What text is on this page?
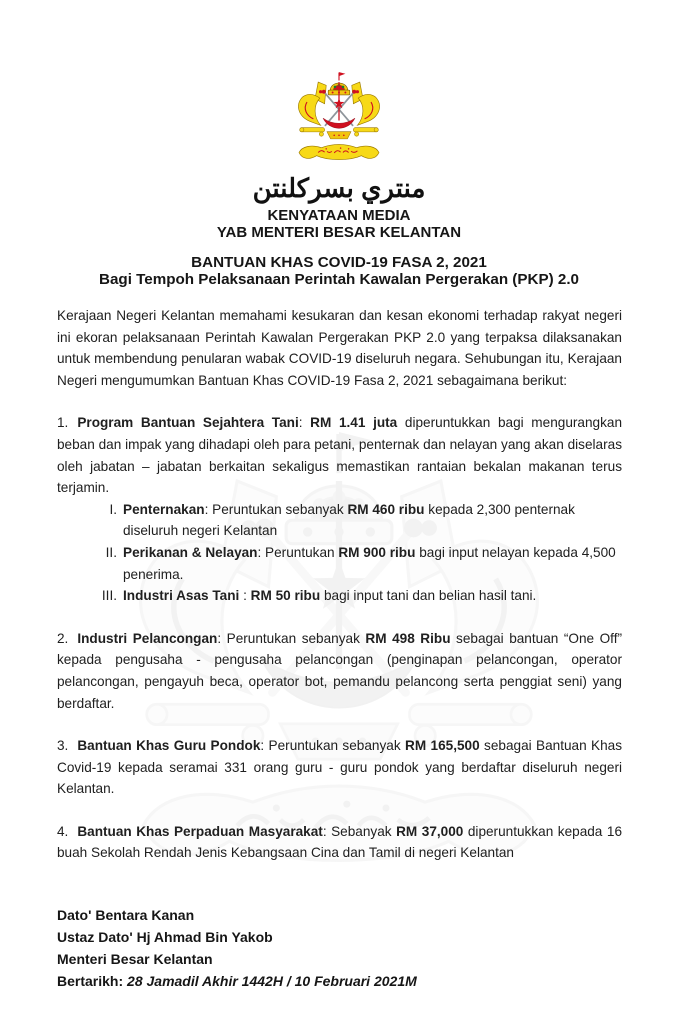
منتري بسركلنتن
KENYATAAN MEDIA
YAB MENTERI BESAR KELANTAN
BANTUAN KHAS COVID-19 FASA 2, 2021
Bagi Tempoh Pelaksanaan Perintah Kawalan Pergerakan (PKP) 2.0

Kerajaan Negeri Kelantan memahami kesukaran dan kesan ekonomi terhadap rakyat negeri ini ekoran pelaksanaan Perintah Kawalan Pergerakan PKP 2.0 yang terpaksa dilaksanakan untuk membendung penularan wabak COVID-19 diseluruh negara. Sehubungan itu, Kerajaan Negeri mengumumkan Bantuan Khas COVID-19 Fasa 2, 2021 sebagaimana berikut:

1. Program Bantuan Sejahtera Tani: RM 1.41 juta diperuntukkan bagi mengurangkan beban dan impak yang dihadapi oleh para petani, penternak dan nelayan yang akan diselaras oleh jabatan – jabatan berkaitan sekaligus memastikan rantaian bekalan makanan terus terjamin.

I. Penternakan: Peruntukan sebanyak RM 460 ribu kepada 2,300 penternak diseluruh negeri Kelantan
II. Perikanan & Nelayan: Peruntukan RM 900 ribu bagi input nelayan kepada 4,500 penerima.
III. Industri Asas Tani : RM 50 ribu bagi input tani dan belian hasil tani.

2. Industri Pelancongan: Peruntukan sebanyak RM 498 Ribu sebagai bantuan “One Off” kepada pengusaha - pengusaha pelancongan (penginapan pelancongan, operator pelancongan, pengayuh beca, operator bot, pemandu pelancong serta penggiat seni) yang berdaftar.

3. Bantuan Khas Guru Pondok: Peruntukan sebanyak RM 165,500 sebagai Bantuan Khas Covid-19 kepada seramai 331 orang guru - guru pondok yang berdaftar diseluruh negeri Kelantan.

4. Bantuan Khas Perpaduan Masyarakat: Sebanyak RM 37,000 diperuntukkan kepada 16 buah Sekolah Rendah Jenis Kebangsaan Cina dan Tamil di negeri Kelantan

Dato' Bentara Kanan

Ustaz Dato' Hj Ahmad Bin Yakob

Menteri Besar Kelantan

Bertarikh: 28 Jamadil Akhir 1442H / 10 Februari 2021M
